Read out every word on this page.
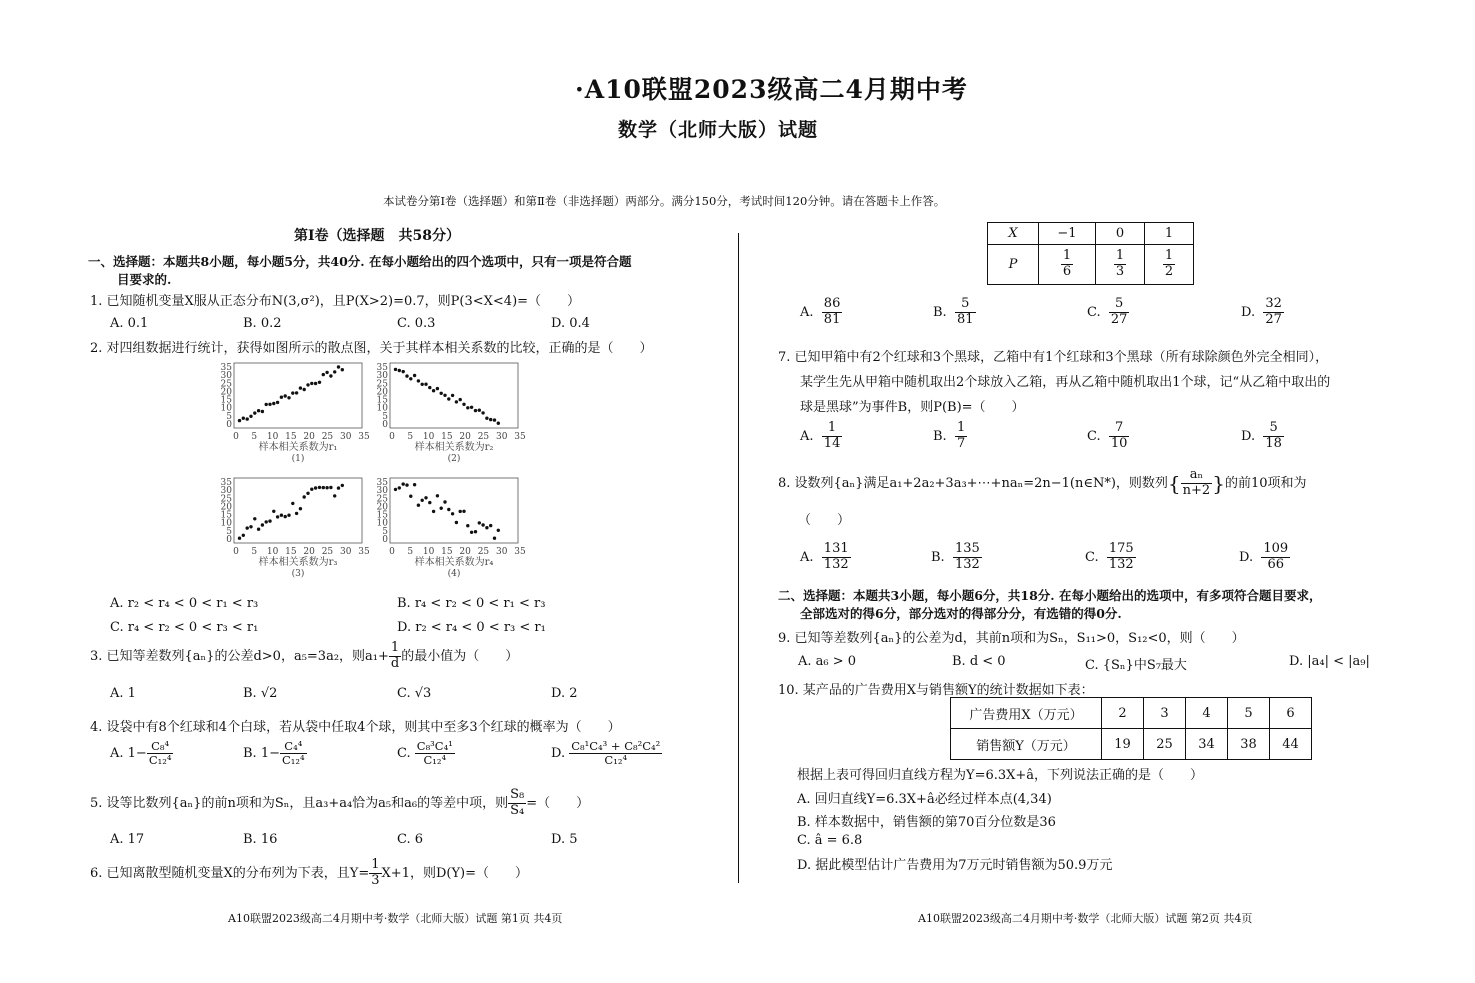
·A10联盟2023级高二4月期中考
数学（北师大版）试题
本试卷分第Ⅰ卷（选择题）和第Ⅱ卷（非选择题）两部分。满分150分，考试时间120分钟。请在答题卡上作答。
第Ⅰ卷（选择题　共58分）
一、选择题：本题共8小题，每小题5分，共40分. 在每小题给出的四个选项中，只有一项是符合题
目要求的.
1. 已知随机变量X服从正态分布N(3,σ²)，且P(X>2)=0.7，则P(3<X<4)=（　　）
A. 0.1	B. 0.2	C. 0.3	D. 0.4
2. 对四组数据进行统计，获得如图所示的散点图，关于其样本相关系数的比较，正确的是（　　）
35
30
25
20
15
10
5
0
0 5 10 15 20 25 30 35
样本相关系数为r₁
(1)
35
30
25
20
15
10
5
0
0 5 10 15 20 25 30 35
样本相关系数为r₂
(2)
35
30
25
20
15
10
5
0
0 5 10 15 20 25 30 35
样本相关系数为r₃
(3)
35
30
25
20
15
10
5
0
0 5 10 15 20 25 30 35
样本相关系数为r₄
(4)
A. r₂ < r₄ < 0 < r₁ < r₃	B. r₄ < r₂ < 0 < r₁ < r₃
C. r₄ < r₂ < 0 < r₃ < r₁	D. r₂ < r₄ < 0 < r₃ < r₁
3. 已知等差数列{aₙ}的公差d>0，a₅=3a₂，则$a_1+ \frac{1}{d}$ 的最小值为（　　）
A. 1	B. √2	C. √3	D. 2
4. 设袋中有8个红球和4个白球，若从袋中任取4个球，则其中至多3个红球的概率为（　　）
A. $1- \frac{\text{C₈⁴}}{\text{C₁₂⁴}}$	B. $1- \frac{\text{C₄⁴}}{\text{C₁₂⁴}}$	C. $\frac{\text{C₈³C₄¹}}{\text{C₁₂⁴}}$	D. $\frac{\text{C₈¹C₄³ + C₈²C₄²}}{\text{C₁₂⁴}}$
5. 设等比数列{aₙ}的前n项和为Sₙ，且a₃+a₄恰为a₅和a₆的等差中项，则 $\frac{\text{S₈}}{\text{S₄}}$ =（　　）
A. 17	B. 16	C. 6	D. 5
6. 已知离散型随机变量X的分布列为下表，且$Y= \frac{1}{3} X+1$，则D(Y)=（　　）
X	−1	0	1
P	$\frac{1}{6}$	$\frac{1}{3}$	$\frac{1}{2}$
A. $\frac{86}{81}$	B. $\frac{5}{81}$	C. $\frac{5}{27}$	D. $\frac{32}{27}$
7. 已知甲箱中有2个红球和3个黑球，乙箱中有1个红球和3个黑球（所有球除颜色外完全相同），
某学生先从甲箱中随机取出2个球放入乙箱，再从乙箱中随机取出1个球，记“从乙箱中取出的
球是黑球”为事件B，则P(B)=（　　）
A. $\frac{1}{14}$	B. $\frac{1}{7}$	C. $\frac{7}{10}$	D. $\frac{5}{18}$
8. 设数列{aₙ}满足a₁+2a₂+3a₃+⋯+naₙ=2n−1(n∈N*)，则数列{ $\frac{\text{aₙ}}{n+2}$ }的前10项和为
（　　）
A. $\frac{131}{132}$	B. $\frac{135}{132}$	C. $\frac{175}{132}$	D. $\frac{109}{66}$
二、选择题：本题共3小题，每小题6分，共18分. 在每小题给出的选项中，有多项符合题目要求，
全部选对的得6分，部分选对的得部分分，有选错的得0分.
9. 已知等差数列{aₙ}的公差为d，其前n项和为Sₙ，S₁₁>0，S₁₂<0，则（　　）
A. a₆ > 0	B. d < 0	C. {Sₙ}中S₇最大	D. |a₄| < |a₉|
10. 某产品的广告费用X与销售额Y的统计数据如下表：
广告费用X（万元）	2	3	4	5	6
销售额Y（万元）	19	25	34	38	44
根据上表可得回归直线方程为Y=6.3X+â，下列说法正确的是（　　）
A. 回归直线Y=6.3X+â必经过样本点(4,34)
B. 样本数据中，销售额的第70百分位数是36
C. â = 6.8
D. 据此模型估计广告费用为7万元时销售额为50.9万元
A10联盟2023级高二4月期中考·数学（北师大版）试题 第1页 共4页	A10联盟2023级高二4月期中考·数学（北师大版）试题 第2页 共4页
